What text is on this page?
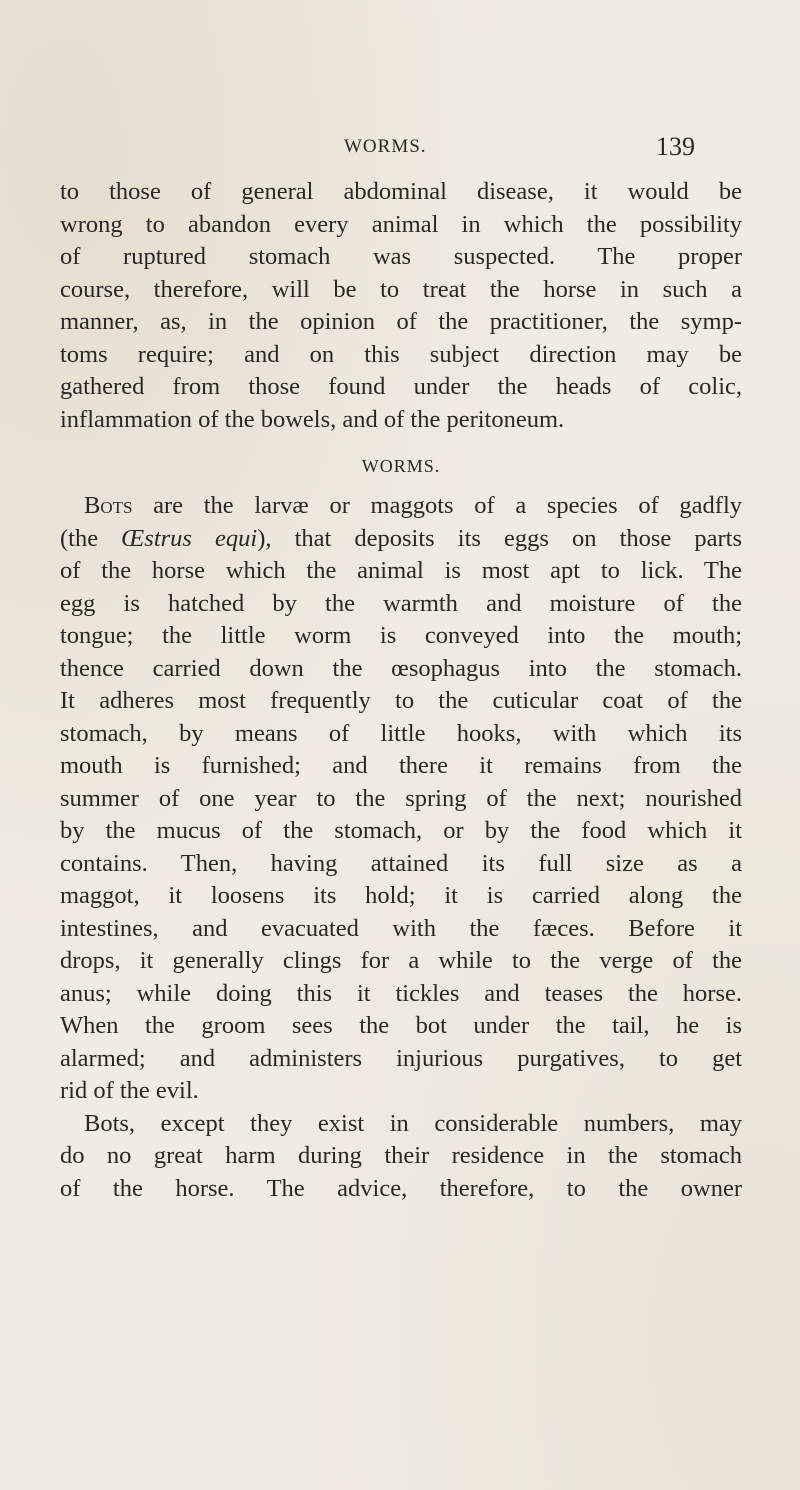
WORMS.	139
to those of general abdominal disease, it would be
wrong to abandon every animal in which the possibility
of ruptured stomach was suspected. The proper
course, therefore, will be to treat the horse in such a
manner, as, in the opinion of the practitioner, the symp-
toms require; and on this subject direction may be
gathered from those found under the heads of colic,
inflammation of the bowels, and of the peritoneum.
WORMS.
Bots are the larvæ or maggots of a species of gadfly
(the Œstrus equi), that deposits its eggs on those parts
of the horse which the animal is most apt to lick. The
egg is hatched by the warmth and moisture of the
tongue; the little worm is conveyed into the mouth;
thence carried down the œsophagus into the stomach.
It adheres most frequently to the cuticular coat of the
stomach, by means of little hooks, with which its
mouth is furnished; and there it remains from the
summer of one year to the spring of the next; nourished
by the mucus of the stomach, or by the food which it
contains. Then, having attained its full size as a
maggot, it loosens its hold; it is carried along the
intestines, and evacuated with the fæces. Before it
drops, it generally clings for a while to the verge of the
anus; while doing this it tickles and teases the horse.
When the groom sees the bot under the tail, he is
alarmed; and administers injurious purgatives, to get
rid of the evil.
Bots, except they exist in considerable numbers, may
do no great harm during their residence in the stomach
of the horse. The advice, therefore, to the owner
